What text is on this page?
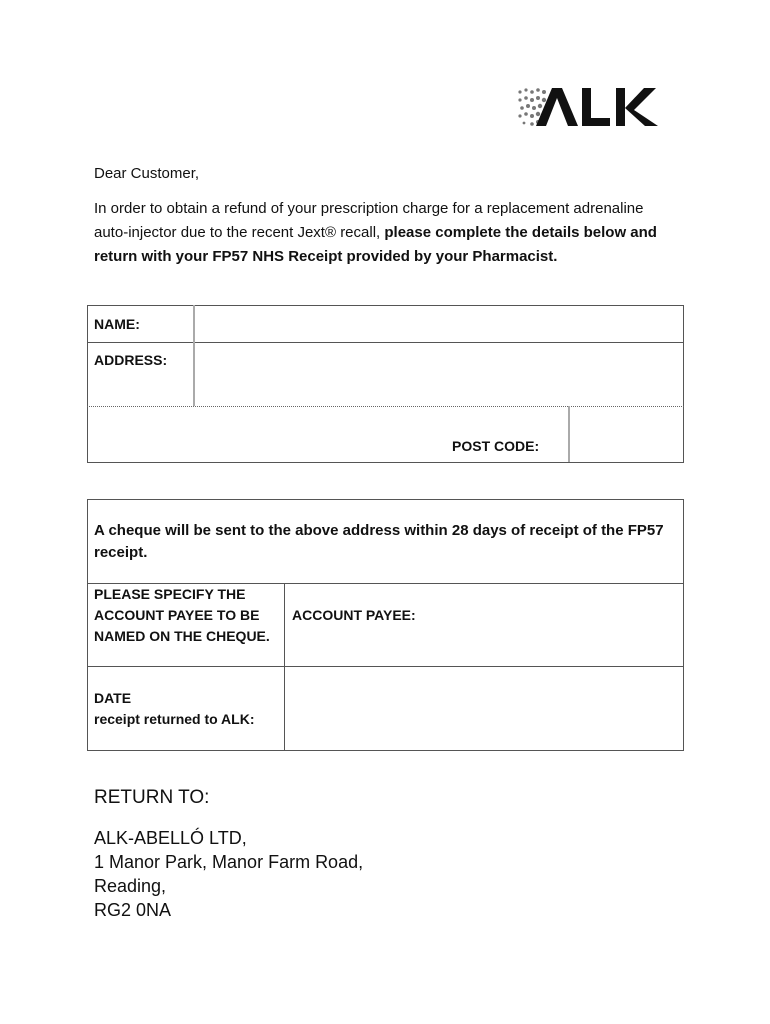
Dear Customer,
In order to obtain a refund of your prescription charge for a replacement adrenaline auto-injector due to the recent Jext® recall, please complete the details below and return with your FP57 NHS Receipt provided by your Pharmacist.
NAME:
ADDRESS:
POST CODE:
A cheque will be sent to the above address within 28 days of receipt of the FP57 receipt.
PLEASE SPECIFY THE ACCOUNT PAYEE TO BE NAMED ON THE CHEQUE.
ACCOUNT PAYEE:
DATE
receipt returned to ALK:
RETURN TO:
ALK-ABELLÓ LTD,
1 Manor Park, Manor Farm Road,
Reading,
RG2 0NA
